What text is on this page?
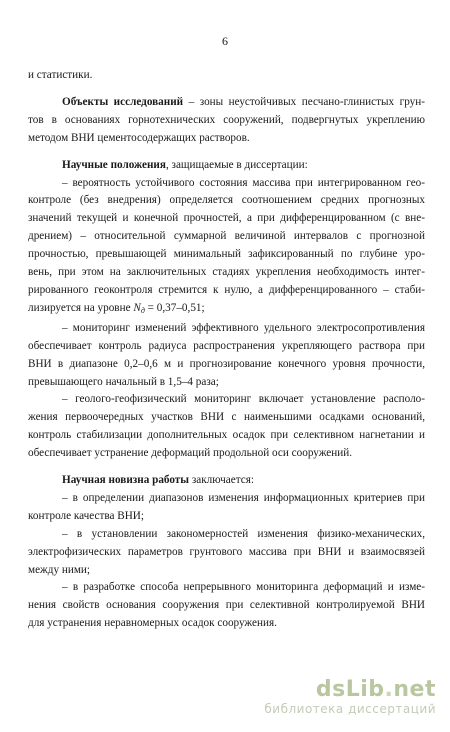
6

и статистики.

Объекты исследований – зоны неустойчивых песчано-глинистых грун-
тов в основаниях горнотехнических сооружений, подвергнутых укреплению
методом ВНИ цементосодержащих растворов.

Научные положения, защищаемые в диссертации:
– вероятность устойчивого состояния массива при интегрированном гео-
контроле (без внедрения) определяется соотношением средних прогнозных
значений текущей и конечной прочностей, а при дифференцированном (с вне-
дрением) – относительной суммарной величиной интервалов с прогнозной
прочностью, превышающей минимальный зафиксированный по глубине уро-
вень, при этом на заключительных стадиях укрепления необходимость интег-
рированного геоконтроля стремится к нулю, а дифференцированного – стаби-
лизируется на уровне $N_д = 0,37-0,51$;
– мониторинг изменений эффективного удельного электросопротивления
обеспечивает контроль радиуса распространения укрепляющего раствора при
ВНИ в диапазоне 0,2–0,6 м и прогнозирование конечного уровня прочности,
превышающего начальный в 1,5–4 раза;
– геолого-геофизический мониторинг включает установление располо-
жения первоочередных участков ВНИ с наименьшими осадками оснований,
контроль стабилизации дополнительных осадок при селективном нагнетании и
обеспечивает устранение деформаций продольной оси сооружений.

Научная новизна работы заключается:
– в определении диапазонов изменения информационных критериев при
контроле качества ВНИ;
– в установлении закономерностей изменения физико-механических,
электрофизических параметров грунтового массива при ВНИ и взаимосвязей
между ними;
– в разработке способа непрерывного мониторинга деформаций и изме-
нения свойств основания сооружения при селективной контролируемой ВНИ
для устранения неравномерных осадок сооружения.

dsLib.net
библиотека диссертаций
